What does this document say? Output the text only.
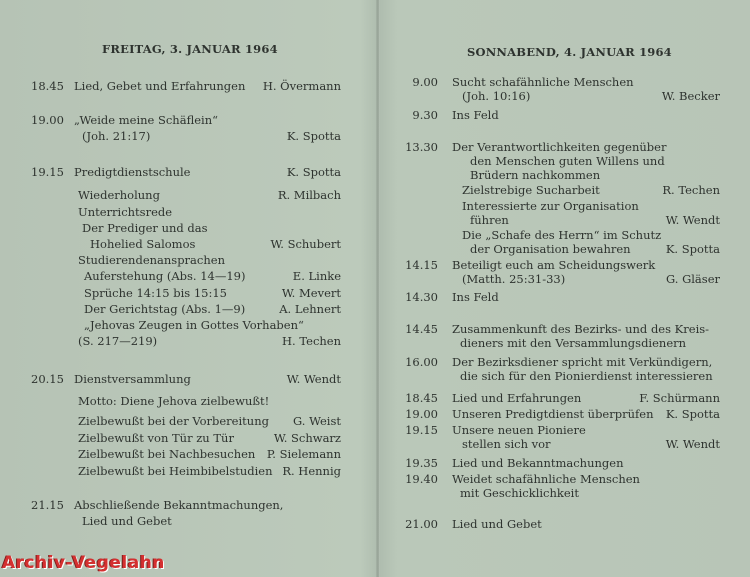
FREITAG, 3. JANUAR 1964	SONNABEND, 4. JANUAR 1964
18.45 Lied, Gebet und Erfahrungen H. Övermann
19.00 „Weide meine Schäflein“
(Joh. 21:17)	K. Spotta
19.15 Predigtdienstschule	K. Spotta
Wiederholung	R. Milbach
Unterrichtsrede
Der Prediger und das
Hohelied Salomos	W. Schubert
Studierendenansprachen
Auferstehung (Abs. 14—19)	E. Linke
Sprüche 14:15 bis 15:15	W. Mevert
Der Gerichtstag (Abs. 1—9)	A. Lehnert
„Jehovas Zeugen in Gottes Vorhaben“
(S. 217—219)	H. Techen
20.15 Dienstversammlung	W. Wendt
Motto: Diene Jehova zielbewußt!
Zielbewußt bei der Vorbereitung G. Weist
Zielbewußt von Tür zu Tür	W. Schwarz
Zielbewußt bei Nachbesuchen P. Sielemann
Zielbewußt bei Heimbibelstudien R. Hennig
21.15 Abschließende Bekanntmachungen,
Lied und Gebet
9.00 Sucht schafähnliche Menschen
(Joh. 10:16)	W. Becker
9.30 Ins Feld
13.30 Der Verantwortlichkeiten gegenüber
den Menschen guten Willens und
Brüdern nachkommen
Zielstrebige Sucharbeit	R. Techen
Interessierte zur Organisation
führen	W. Wendt
Die „Schafe des Herrn“ im Schutz
der Organisation bewahren	K. Spotta
14.15 Beteiligt euch am Scheidungswerk
(Matth. 25:31-33)	G. Gläser
14.30 Ins Feld
14.45 Zusammenkunft des Bezirks- und des Kreis-
dieners mit den Versammlungsdienern
16.00 Der Bezirksdiener spricht mit Verkündigern,
die sich für den Pionierdienst interessieren
18.45 Lied und Erfahrungen	F. Schürmann
19.00 Unseren Predigtdienst überprüfen K. Spotta
19.15 Unsere neuen Pioniere
stellen sich vor	W. Wendt
19.35 Lied und Bekanntmachungen
19.40 Weidet schafähnliche Menschen
mit Geschicklichkeit
21.00 Lied und Gebet
Archiv-Vegelahn
